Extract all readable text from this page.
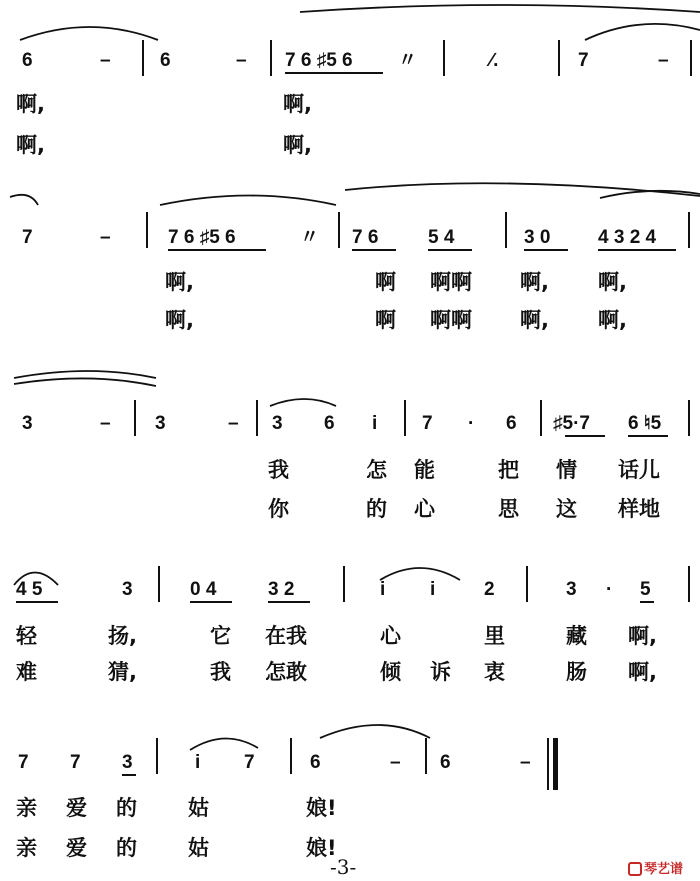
6	–	6	– 7 6 ♯5 6 〃	∕.	7	–
啊,	啊,
啊,	啊,
7	–	7 6 ♯5 6	〃 7 6	5 4	3 0	4 3 2 4
啊,	啊 啊啊 啊, 啊,
啊,	啊 啊啊 啊, 啊,
3	– 3	– 3 6 i 7 · 6 ♯5·7 6 ♮5
我	怎 能	把 情 话儿
你	的 心	思 这 样地
4 5	3	0 4	3 2	i i	2	3 · 5
轻	扬,	它 在我	心	里	藏 啊,
难	猜,	我 怎敢	倾 诉 衷	肠 啊,
7 7 3	i 7	6	– 6	–
亲 爱 的 姑	娘!
亲 爱 的 姑	娘!
-3-	琴艺谱
